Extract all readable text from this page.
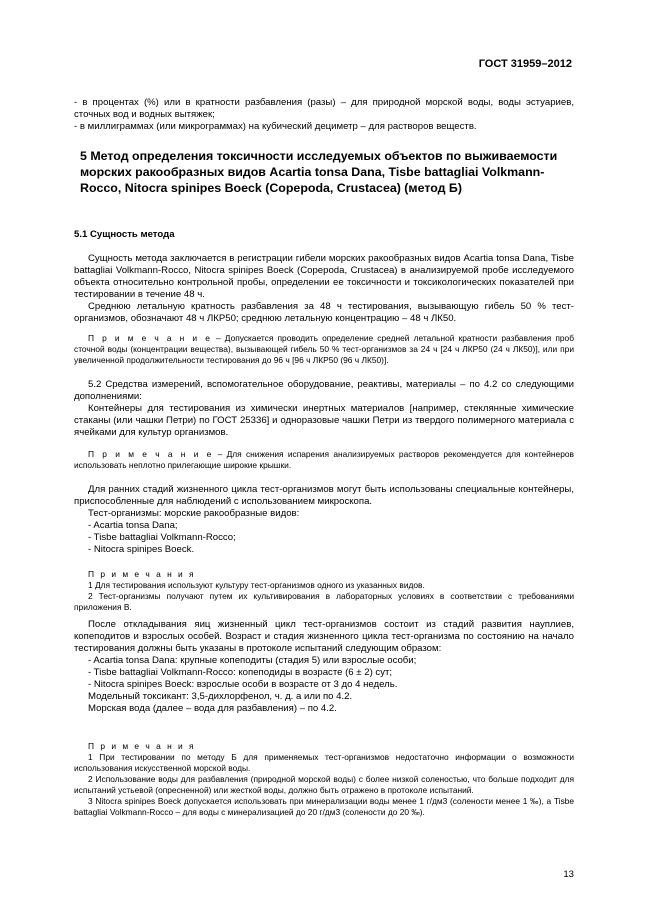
ГОСТ 31959–2012

- в процентах (%) или в кратности разбавления (разы) – для природной морской воды, воды эстуариев, сточных вод и водных вытяжек;

- в миллиграммах (или микрограммах) на кубический дециметр – для растворов веществ.

5 Метод определения токсичности исследуемых объектов по выживаемости морских ракообразных видов Acartia tonsa Dana, Tisbe battagliai Volkmann-Rocco, Nitocra spinipes Boeck (Copepoda, Crustacea) (метод Б)

5.1 Сущность метода

Сущность метода заключается в регистрации гибели морских ракообразных видов Acartia tonsa Dana, Tisbe battagliai Volkmann-Rocco, Nitocra spinipes Boeck (Copepoda, Crustacea) в анализируемой пробе исследуемого объекта относительно контрольной пробы, определении ее токсичности и токсикологических показателей при тестировании в течение 48 ч.

Среднюю летальную кратность разбавления за 48 ч тестирования, вызывающую гибель 50 % тест-организмов, обозначают 48 ч ЛКР50; среднюю летальную концентрацию – 48 ч ЛК50.

П р и м е ч а н и е – Допускается проводить определение средней летальной кратности разбавления проб сточной воды (концентрации вещества), вызывающей гибель 50 % тест-организмов за 24 ч [24 ч ЛКР50 (24 ч ЛК50)], или при увеличенной продолжительности тестирования до 96 ч [96 ч ЛКР50 (96 ч ЛК50)].

5.2 Средства измерений, вспомогательное оборудование, реактивы, материалы – по 4.2 со следующими дополнениями:

Контейнеры для тестирования из химически инертных материалов [например, стеклянные химические стаканы (или чашки Петри) по ГОСТ 25336] и одноразовые чашки Петри из твердого полимерного материала с ячейками для культур организмов.

П р и м е ч а н и е – Для снижения испарения анализируемых растворов рекомендуется для контейнеров использовать неплотно прилегающие широкие крышки.

Для ранних стадий жизненного цикла тест-организмов могут быть использованы специальные контейнеры, приспособленные для наблюдений с использованием микроскопа.

Тест-организмы: морские ракообразные видов:

- Acartia tonsa Dana;

- Tisbe battagliai Volkmann-Rocco;

- Nitocra spinipes Boeck.

П р и м е ч а н и я

1 Для тестирования используют культуру тест-организмов одного из указанных видов.

2 Тест-организмы получают путем их культивирования в лабораторных условиях в соответствии с требованиями приложения В.

После откладывания яиц жизненный цикл тест-организмов состоит из стадий развития науплиев, копеподитов и взрослых особей. Возраст и стадия жизненного цикла тест-организма по состоянию на начало тестирования должны быть указаны в протоколе испытаний следующим образом:

- Acartia tonsa Dana: крупные копеподиты (стадия 5) или взрослые особи;

- Tisbe battagliai Volkmann-Rocco: копеподиды в возрасте (6 ± 2) сут;

- Nitocra spinipes Boeck: взрослые особи в возрасте от 3 до 4 недель.

Модельный токсикант: 3,5-дихлорфенол, ч. д. а или по 4.2.

Морская вода (далее – вода для разбавления) – по 4.2.

П р и м е ч а н и я

1 При тестировании по методу Б для применяемых тест-организмов недостаточно информации о возможности использования искусственной морской воды.

2 Использование воды для разбавления (природной морской воды) с более низкой соленостью, что больше подходит для испытаний устьевой (опресненной) или жесткой воды, должно быть отражено в протоколе испытаний.

3 Nitocra spinipes Boeck допускается использовать при минерализации воды менее 1 г/дм3 (солености менее 1 ‰), а Tisbe battagliai Volkmann-Rocco – для воды с минерализацией до 20 г/дм3 (солености до 20 ‰).

13
